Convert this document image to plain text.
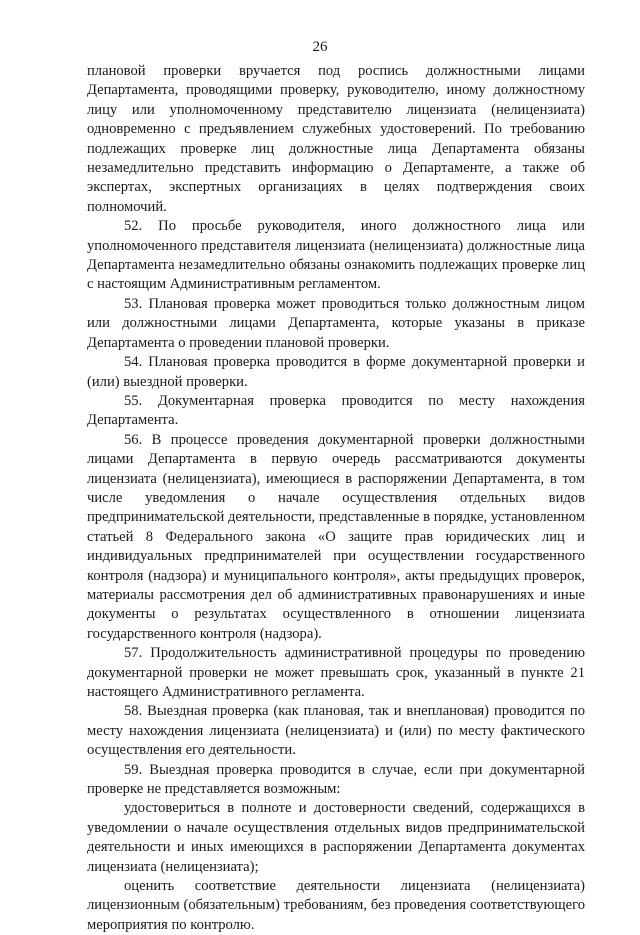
26

плановой проверки вручается под роспись должностными лицами Департамента, проводящими проверку, руководителю, иному должностному лицу или уполномоченному представителю лицензиата (нелицензиата) одновременно с предъявлением служебных удостоверений. По требованию подлежащих проверке лиц должностные лица Департамента обязаны незамедлительно представить информацию о Департаменте, а также об экспертах, экспертных организациях в целях подтверждения своих полномочий.

52. По просьбе руководителя, иного должностного лица или уполномоченного представителя лицензиата (нелицензиата) должностные лица Департамента незамедлительно обязаны ознакомить подлежащих проверке лиц с настоящим Административным регламентом.

53. Плановая проверка может проводиться только должностным лицом или должностными лицами Департамента, которые указаны в приказе Департамента о проведении плановой проверки.

54. Плановая проверка проводится в форме документарной проверки и (или) выездной проверки.

55. Документарная проверка проводится по месту нахождения Департамента.

56. В процессе проведения документарной проверки должностными лицами Департамента в первую очередь рассматриваются документы лицензиата (нелицензиата), имеющиеся в распоряжении Департамента, в том числе уведомления о начале осуществления отдельных видов предпринимательской деятельности, представленные в порядке, установленном статьей 8 Федерального закона «О защите прав юридических лиц и индивидуальных предпринимателей при осуществлении государственного контроля (надзора) и муниципального контроля», акты предыдущих проверок, материалы рассмотрения дел об административных правонарушениях и иные документы о результатах осуществленного в отношении лицензиата государственного контроля (надзора).

57. Продолжительность административной процедуры по проведению документарной проверки не может превышать срок, указанный в пункте 21 настоящего Административного регламента.

58. Выездная проверка (как плановая, так и внеплановая) проводится по месту нахождения лицензиата (нелицензиата) и (или) по месту фактического осуществления его деятельности.

59. Выездная проверка проводится в случае, если при документарной проверке не представляется возможным:

удостовериться в полноте и достоверности сведений, содержащихся в уведомлении о начале осуществления отдельных видов предпринимательской деятельности и иных имеющихся в распоряжении Департамента документах лицензиата (нелицензиата);

оценить соответствие деятельности лицензиата (нелицензиата) лицензионным (обязательным) требованиям, без проведения соответствующего мероприятия по контролю.
